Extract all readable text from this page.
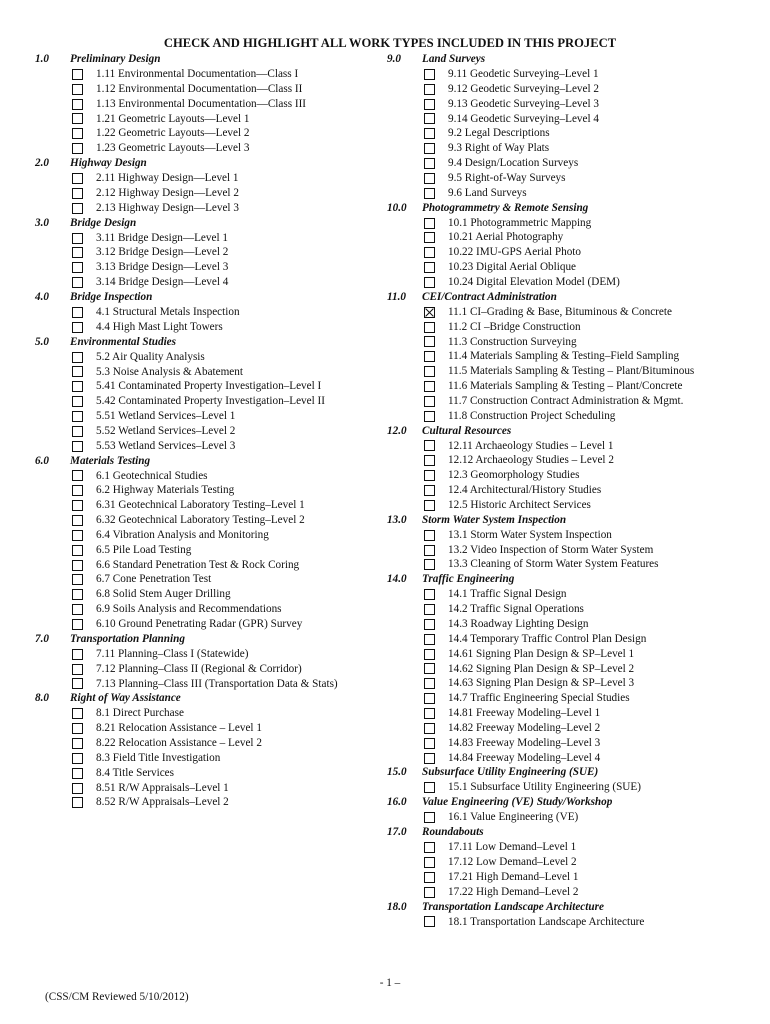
CHECK AND HIGHLIGHT ALL WORK TYPES INCLUDED IN THIS PROJECT
1.0	Preliminary Design
1.11 Environmental Documentation—Class I
1.12 Environmental Documentation—Class II
1.13 Environmental Documentation—Class III
1.21 Geometric Layouts—Level 1
1.22 Geometric Layouts—Level 2
1.23 Geometric Layouts—Level 3
2.0	Highway Design
2.11 Highway Design—Level 1
2.12 Highway Design—Level 2
2.13 Highway Design—Level 3
3.0	Bridge Design
3.11 Bridge Design—Level 1
3.12 Bridge Design—Level 2
3.13 Bridge Design—Level 3
3.14 Bridge Design—Level 4
4.0	Bridge Inspection
4.1 Structural Metals Inspection
4.4 High Mast Light Towers
5.0	Environmental Studies
5.2 Air Quality Analysis
5.3 Noise Analysis & Abatement
5.41 Contaminated Property Investigation–Level I
5.42 Contaminated Property Investigation–Level II
5.51 Wetland Services–Level 1
5.52 Wetland Services–Level 2
5.53 Wetland Services–Level 3
6.0	Materials Testing
6.1 Geotechnical Studies
6.2 Highway Materials Testing
6.31 Geotechnical Laboratory Testing–Level 1
6.32 Geotechnical Laboratory Testing–Level 2
6.4 Vibration Analysis and Monitoring
6.5 Pile Load Testing
6.6 Standard Penetration Test & Rock Coring
6.7 Cone Penetration Test
6.8 Solid Stem Auger Drilling
6.9 Soils Analysis and Recommendations
6.10 Ground Penetrating Radar (GPR) Survey
7.0	Transportation Planning
7.11 Planning–Class I (Statewide)
7.12 Planning–Class II (Regional & Corridor)
7.13 Planning–Class III (Transportation Data & Stats)
8.0	Right of Way Assistance
8.1 Direct Purchase
8.21 Relocation Assistance – Level 1
8.22 Relocation Assistance – Level 2
8.3 Field Title Investigation
8.4 Title Services
8.51 R/W Appraisals–Level 1
8.52 R/W Appraisals–Level 2
9.0	Land Surveys
9.11 Geodetic Surveying–Level 1
9.12 Geodetic Surveying–Level 2
9.13 Geodetic Surveying–Level 3
9.14 Geodetic Surveying–Level 4
9.2 Legal Descriptions
9.3 Right of Way Plats
9.4 Design/Location Surveys
9.5 Right-of-Way Surveys
9.6 Land Surveys
10.0	Photogrammetry & Remote Sensing
10.1 Photogrammetric Mapping
10.21 Aerial Photography
10.22 IMU-GPS Aerial Photo
10.23 Digital Aerial Oblique
10.24 Digital Elevation Model (DEM)
11.0	CEI/Contract Administration
11.1 CI–Grading & Base, Bituminous & Concrete
11.2 CI –Bridge Construction
11.3 Construction Surveying
11.4 Materials Sampling & Testing–Field Sampling
11.5 Materials Sampling & Testing – Plant/Bituminous
11.6 Materials Sampling & Testing – Plant/Concrete
11.7 Construction Contract Administration & Mgmt.
11.8 Construction Project Scheduling
12.0	Cultural Resources
12.11 Archaeology Studies – Level 1
12.12 Archaeology Studies – Level 2
12.3 Geomorphology Studies
12.4 Architectural/History Studies
12.5 Historic Architect Services
13.0	Storm Water System Inspection
13.1 Storm Water System Inspection
13.2 Video Inspection of Storm Water System
13.3 Cleaning of Storm Water System Features
14.0	Traffic Engineering
14.1 Traffic Signal Design
14.2 Traffic Signal Operations
14.3 Roadway Lighting Design
14.4 Temporary Traffic Control Plan Design
14.61 Signing Plan Design & SP–Level 1
14.62 Signing Plan Design & SP–Level 2
14.63 Signing Plan Design & SP–Level 3
14.7 Traffic Engineering Special Studies
14.81 Freeway Modeling–Level 1
14.82 Freeway Modeling–Level 2
14.83 Freeway Modeling–Level 3
14.84 Freeway Modeling–Level 4
15.0	Subsurface Utility Engineering (SUE)
15.1 Subsurface Utility Engineering (SUE)
16.0	Value Engineering (VE) Study/Workshop
16.1 Value Engineering (VE)
17.0	Roundabouts
17.11 Low Demand–Level 1
17.12 Low Demand–Level 2
17.21 High Demand–Level 1
17.22 High Demand–Level 2
18.0	Transportation Landscape Architecture
18.1 Transportation Landscape Architecture
- 1 –
(CSS/CM Reviewed 5/10/2012)
